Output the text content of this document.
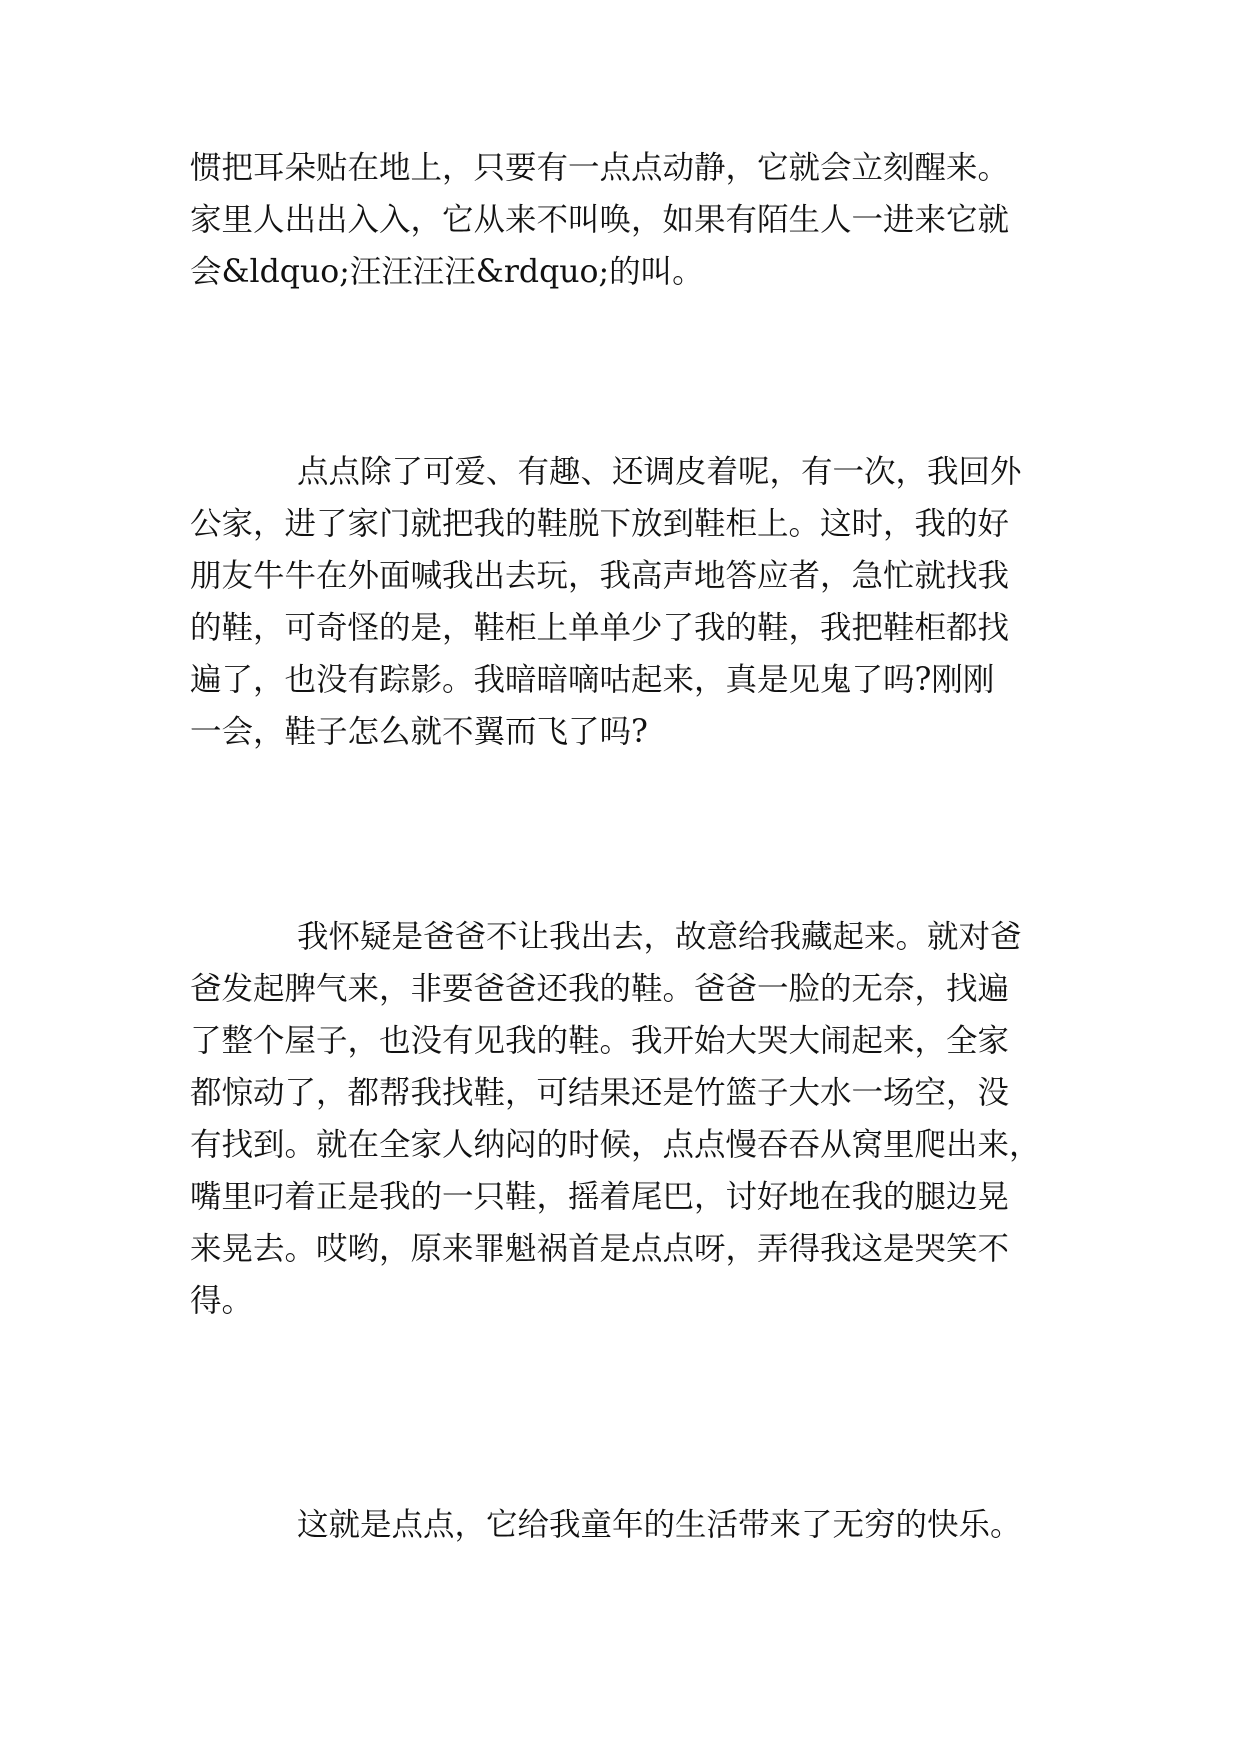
惯把耳朵贴在地上，只要有一点点动静，它就会立刻醒来。
家里人出出入入，它从来不叫唤，如果有陌生人一进来它就
会&ldquo;汪汪汪汪&rdquo;的叫。
点点除了可爱、有趣、还调皮着呢，有一次，我回外
公家，进了家门就把我的鞋脱下放到鞋柜上。这时，我的好
朋友牛牛在外面喊我出去玩，我高声地答应者，急忙就找我
的鞋，可奇怪的是，鞋柜上单单少了我的鞋，我把鞋柜都找
遍了，也没有踪影。我暗暗嘀咕起来，真是见鬼了吗?刚刚
一会，鞋子怎么就不翼而飞了吗?
我怀疑是爸爸不让我出去，故意给我藏起来。就对爸
爸发起脾气来，非要爸爸还我的鞋。爸爸一脸的无奈，找遍
了整个屋子，也没有见我的鞋。我开始大哭大闹起来，全家
都惊动了，都帮我找鞋，可结果还是竹篮子大水一场空，没
有找到。就在全家人纳闷的时候，点点慢吞吞从窝里爬出来，
嘴里叼着正是我的一只鞋，摇着尾巴，讨好地在我的腿边晃
来晃去。哎哟，原来罪魁祸首是点点呀，弄得我这是哭笑不
得。
这就是点点，它给我童年的生活带来了无穷的快乐。
